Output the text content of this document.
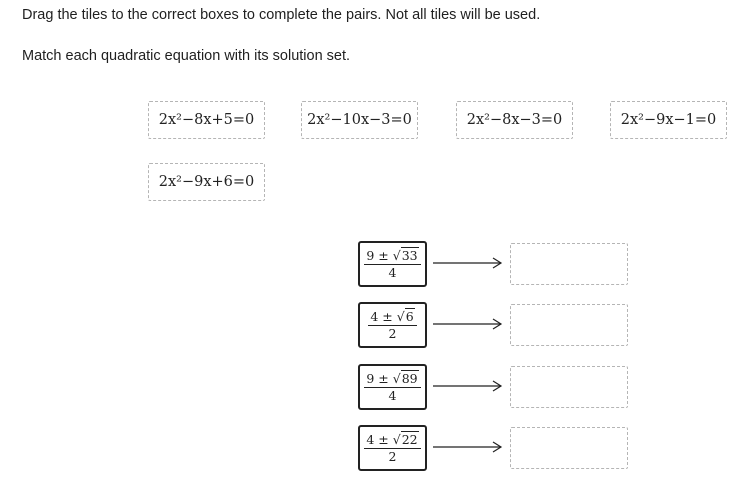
Drag the tiles to the correct boxes to complete the pairs. Not all tiles will be used.
Match each quadratic equation with its solution set.
2x²−8x+5=0	2x²−10x−3=0	2x²−8x−3=0	2x²−9x−1=0
2x²−9x+6=0
$\frac{9 \pm √33}{4}$
$\frac{4 \pm √6}{2}$
$\frac{9 \pm √89}{4}$
$\frac{4 \pm √22}{2}$
